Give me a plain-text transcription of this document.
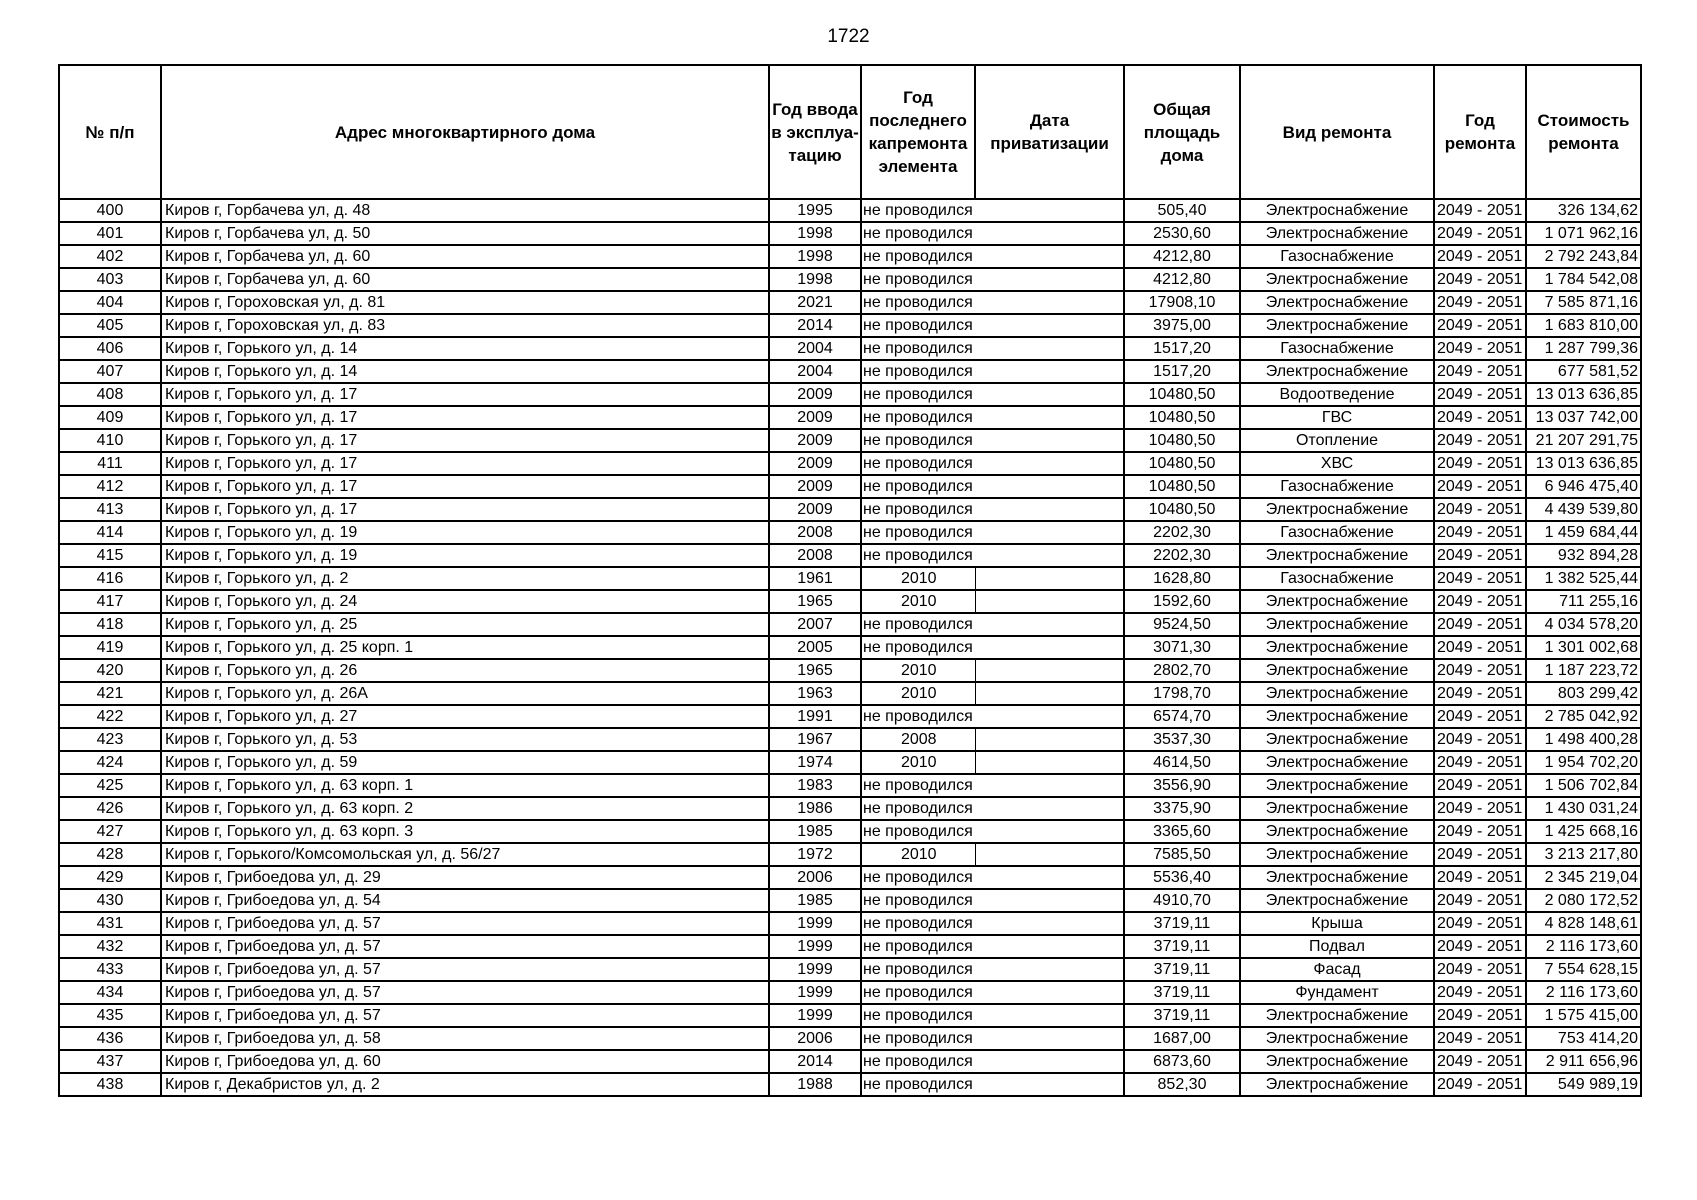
1722
№ п/п	Адрес многоквартирного дома	Год ввода в эксплуа-тацию	Год последнего капремонта элемента	Дата приватизации	Общая площадь дома	Вид ремонта	Год ремонта	Стоимость ремонта
400	Киров г, Горбачева ул, д. 48	1995	не проводился		505,40	Электроснабжение	2049 - 2051	326 134,62
401	Киров г, Горбачева ул, д. 50	1998	не проводился		2530,60	Электроснабжение	2049 - 2051	1 071 962,16
402	Киров г, Горбачева ул, д. 60	1998	не проводился		4212,80	Газоснабжение	2049 - 2051	2 792 243,84
403	Киров г, Горбачева ул, д. 60	1998	не проводился		4212,80	Электроснабжение	2049 - 2051	1 784 542,08
404	Киров г, Гороховская ул, д. 81	2021	не проводился		17908,10	Электроснабжение	2049 - 2051	7 585 871,16
405	Киров г, Гороховская ул, д. 83	2014	не проводился		3975,00	Электроснабжение	2049 - 2051	1 683 810,00
406	Киров г, Горького ул, д. 14	2004	не проводился		1517,20	Газоснабжение	2049 - 2051	1 287 799,36
407	Киров г, Горького ул, д. 14	2004	не проводился		1517,20	Электроснабжение	2049 - 2051	677 581,52
408	Киров г, Горького ул, д. 17	2009	не проводился		10480,50	Водоотведение	2049 - 2051	13 013 636,85
409	Киров г, Горького ул, д. 17	2009	не проводился		10480,50	ГВС	2049 - 2051	13 037 742,00
410	Киров г, Горького ул, д. 17	2009	не проводился		10480,50	Отопление	2049 - 2051	21 207 291,75
411	Киров г, Горького ул, д. 17	2009	не проводился		10480,50	ХВС	2049 - 2051	13 013 636,85
412	Киров г, Горького ул, д. 17	2009	не проводился		10480,50	Газоснабжение	2049 - 2051	6 946 475,40
413	Киров г, Горького ул, д. 17	2009	не проводился		10480,50	Электроснабжение	2049 - 2051	4 439 539,80
414	Киров г, Горького ул, д. 19	2008	не проводился		2202,30	Газоснабжение	2049 - 2051	1 459 684,44
415	Киров г, Горького ул, д. 19	2008	не проводился		2202,30	Электроснабжение	2049 - 2051	932 894,28
416	Киров г, Горького ул, д. 2	1961	2010		1628,80	Газоснабжение	2049 - 2051	1 382 525,44
417	Киров г, Горького ул, д. 24	1965	2010		1592,60	Электроснабжение	2049 - 2051	711 255,16
418	Киров г, Горького ул, д. 25	2007	не проводился		9524,50	Электроснабжение	2049 - 2051	4 034 578,20
419	Киров г, Горького ул, д. 25 корп. 1	2005	не проводился		3071,30	Электроснабжение	2049 - 2051	1 301 002,68
420	Киров г, Горького ул, д. 26	1965	2010		2802,70	Электроснабжение	2049 - 2051	1 187 223,72
421	Киров г, Горького ул, д. 26А	1963	2010		1798,70	Электроснабжение	2049 - 2051	803 299,42
422	Киров г, Горького ул, д. 27	1991	не проводился		6574,70	Электроснабжение	2049 - 2051	2 785 042,92
423	Киров г, Горького ул, д. 53	1967	2008		3537,30	Электроснабжение	2049 - 2051	1 498 400,28
424	Киров г, Горького ул, д. 59	1974	2010		4614,50	Электроснабжение	2049 - 2051	1 954 702,20
425	Киров г, Горького ул, д. 63 корп. 1	1983	не проводился		3556,90	Электроснабжение	2049 - 2051	1 506 702,84
426	Киров г, Горького ул, д. 63 корп. 2	1986	не проводился		3375,90	Электроснабжение	2049 - 2051	1 430 031,24
427	Киров г, Горького ул, д. 63 корп. 3	1985	не проводился		3365,60	Электроснабжение	2049 - 2051	1 425 668,16
428	Киров г, Горького/Комсомольская ул, д. 56/27	1972	2010		7585,50	Электроснабжение	2049 - 2051	3 213 217,80
429	Киров г, Грибоедова ул, д. 29	2006	не проводился		5536,40	Электроснабжение	2049 - 2051	2 345 219,04
430	Киров г, Грибоедова ул, д. 54	1985	не проводился		4910,70	Электроснабжение	2049 - 2051	2 080 172,52
431	Киров г, Грибоедова ул, д. 57	1999	не проводился		3719,11	Крыша	2049 - 2051	4 828 148,61
432	Киров г, Грибоедова ул, д. 57	1999	не проводился		3719,11	Подвал	2049 - 2051	2 116 173,60
433	Киров г, Грибоедова ул, д. 57	1999	не проводился		3719,11	Фасад	2049 - 2051	7 554 628,15
434	Киров г, Грибоедова ул, д. 57	1999	не проводился		3719,11	Фундамент	2049 - 2051	2 116 173,60
435	Киров г, Грибоедова ул, д. 57	1999	не проводился		3719,11	Электроснабжение	2049 - 2051	1 575 415,00
436	Киров г, Грибоедова ул, д. 58	2006	не проводился		1687,00	Электроснабжение	2049 - 2051	753 414,20
437	Киров г, Грибоедова ул, д. 60	2014	не проводился		6873,60	Электроснабжение	2049 - 2051	2 911 656,96
438	Киров г, Декабристов ул, д. 2	1988	не проводился		852,30	Электроснабжение	2049 - 2051	549 989,19
